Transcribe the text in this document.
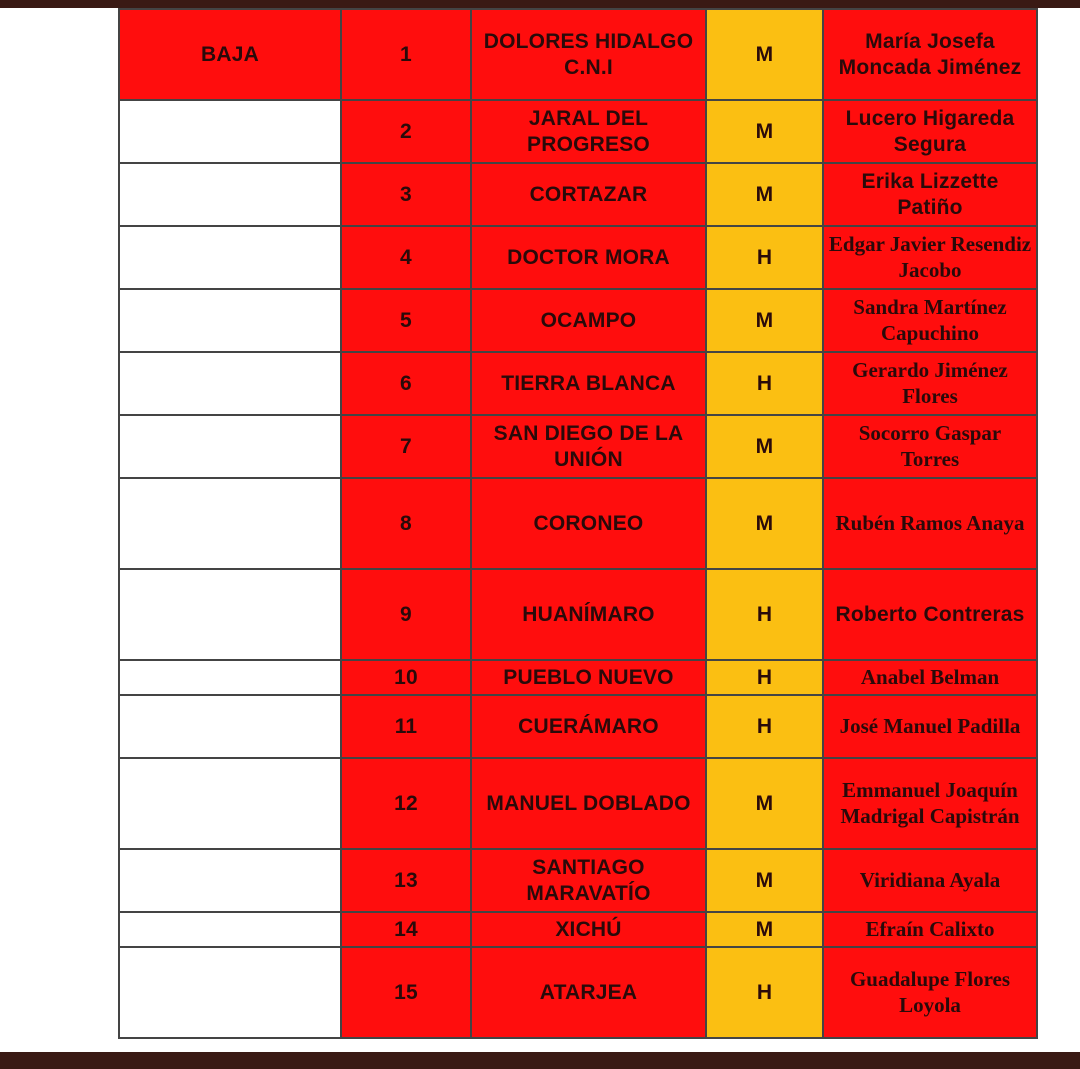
BAJA	1	DOLORES HIDALGO C.N.I	M	María Josefa Moncada Jiménez
	2	JARAL DEL PROGRESO	M	Lucero Higareda Segura
	3	CORTAZAR	M	Erika Lizzette Patiño
	4	DOCTOR MORA	H	Edgar Javier Resendiz Jacobo
	5	OCAMPO	M	Sandra Martínez Capuchino
	6	TIERRA BLANCA	H	Gerardo Jiménez Flores
	7	SAN DIEGO DE LA UNIÓN	M	Socorro Gaspar Torres
	8	CORONEO	M	Rubén Ramos Anaya
	9	HUANÍMARO	H	Roberto Contreras
	10	PUEBLO NUEVO	H	Anabel Belman
	11	CUERÁMARO	H	José Manuel Padilla
	12	MANUEL DOBLADO	M	Emmanuel Joaquín Madrigal Capistrán
	13	SANTIAGO MARAVATÍO	M	Viridiana Ayala
	14	XICHÚ	M	Efraín Calixto
	15	ATARJEA	H	Guadalupe Flores Loyola
